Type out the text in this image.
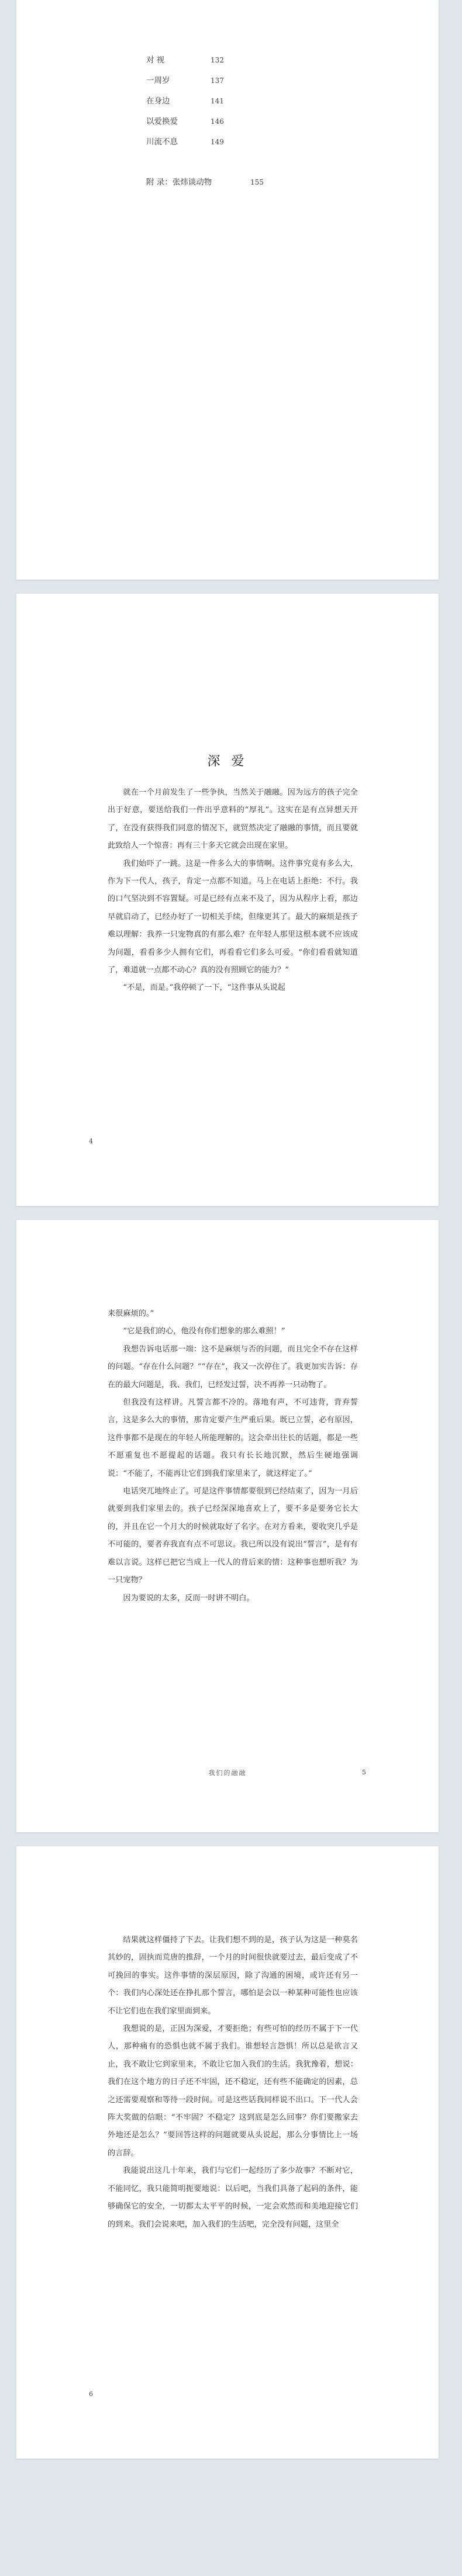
对 视	132
一周岁	137
在身边	141
以爱换爱	146
川流不息	149
附 录：张炜谈动物	155
深 爱

就在一个月前发生了一些争执，当然关于融融。因为远方的孩子完全出于好意，要送给我们一件出乎意料的“厚礼”。这实在是有点异想天开了，在没有获得我们同意的情况下，就贸然决定了融融的事情，而且要就此致给人一个惊喜：再有三十多天它就会出现在家里。

我们始吓了一跳。这是一件多么大的事情啊。这件事究竟有多么大，作为下一代人，孩子，肯定一点都不知道。马上在电话上拒绝：不行。我的口气坚决到不容置疑。可是已经有点来不及了，因为从程序上看，那边早就启动了，已经办好了一切相关手续，但缘更其了。最大的麻烦是孩子难以理解：我养一只宠物真的有那么难？在年轻人那里这根本就不应该成为问题，看看多少人拥有它们，再看看它们多么可爱。“你们看看就知道了，难道就一点都不动心？真的没有照顾它的能力？”

“不是，而是。”我停顿了一下，“这件事从头说起

4

来很麻烦的。”

“它是我们的心，他没有你们想象的那么难照！”

我想告诉电话那一端：这不是麻烦与否的问题，而且完全不存在这样的问题。“存在什么问题？”“存在”，我又一次停住了。我更加实告诉：存在的最大问题是，我、我们，已经发过誓，决不再养一只动物了。

但我没有这样讲。凡誓言都不冷的。落地有声，不可违背，背弃誓言，这是多么大的事情，那肯定要产生严重后果。既已立誓，必有原因，这件事都不是现在的年轻人所能理解的。这会牵出往长的话题，都是一些不愿重复也不愿提起的话题。我只有长长地沉默，然后生硬地强调说：“不能了，不能再让它们到我们家里来了，就这样定了。”

电话突兀地终止了。可是这件事情都要很到已经结束了，因为一月后就要到我们家里去的。孩子已经深深地喜欢上了，要不多是要务它长大的，并且在它一个月大的时候就取好了名字。在对方看来，要收突几乎是不可能的，要者弃我直有点不可思议。我已所以没有说出“誓言”，是有有难以言说。这样已把它当成上一代人的背后来的情：这种事也想听我？为一只宠物？

因为要说的太多，反而一时讲不明白。

我们的融融	5

结果就这样僵持了下去。让我们想不到的是，孩子认为这是一种莫名其妙的，固执而荒唐的推辞，一个月的时间很快就要过去，最后变成了不可挽回的事实。这件事情的深层原因，除了沟通的困境，或许还有另一个：我们内心深处还在挣扎那个誓言，哪怕是会以一种某种可能性也应该不让它们也在我们家里面到来。

我想说的是，正因为深爱，才要拒绝；有些可怕的经历不属于下一代人，那种痛有的恐惧也就不属于我们。谁想轻言怨惧！所以总是欲言又止，我不敢让它到家里来，不敢让它加入我们的生活。我犹豫着，想说：我们在这个地方的日子还不牢固，还不稳定，还有些不能确定的因素，总之还需要观察和等待一段时间。可是这些话我同样说不出口。下一代人会阵大奖做的信眼：“不牢固？不稳定？这到底是怎么回事？你们要搬家去外地还是怎么？”要回答这样的问题就要从头说起，那么分事情比上一场的言辞。

我能说出这几十年来，我们与它们一起经历了多少故事？不断对它，不能同忆，我只能简明扼要地说：以后吧，当我们具备了起码的条件，能够确保它的安全，一切都太太平平的时候，一定会欢然而和美地迎接它们的到来。我们会说来吧，加入我们的生活吧，完全没有问题，这里全

6
